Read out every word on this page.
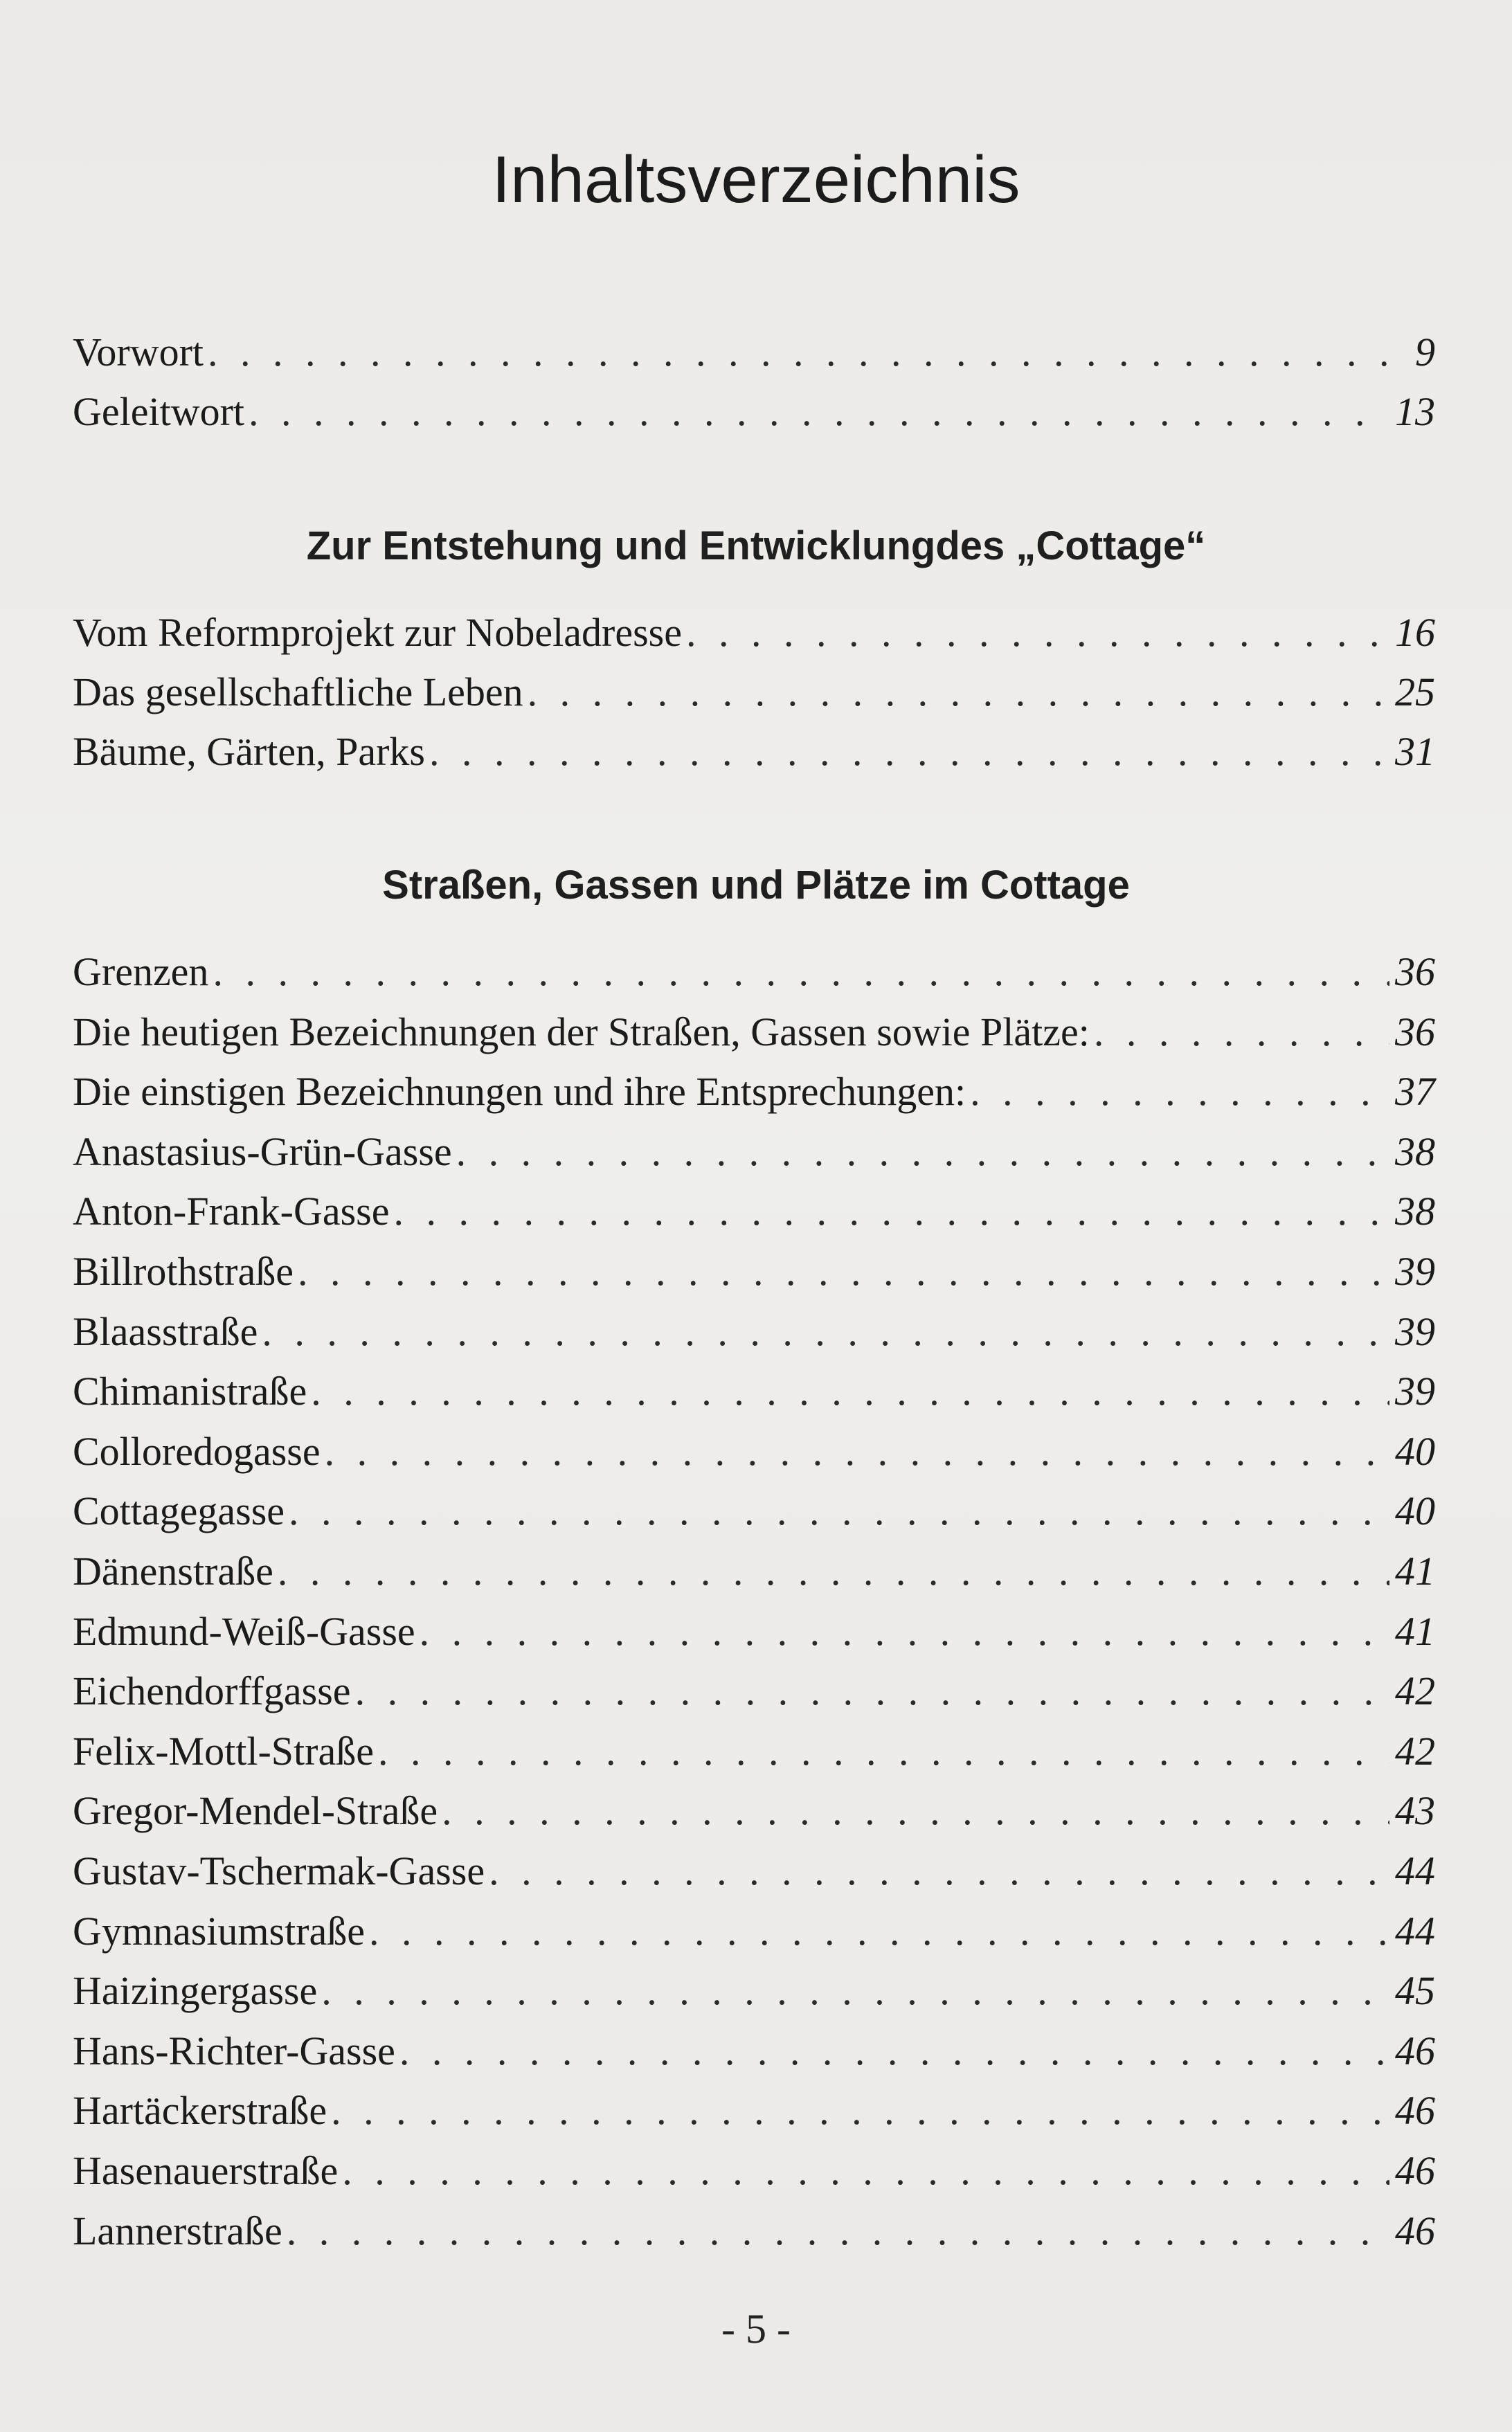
Inhaltsverzeichnis
Vorwort . . .	9
Geleitwort . . .	13
Zur Entstehung und Entwicklungdes „Cottage“
Vom Reformprojekt zur Nobeladresse . . .	16
Das gesellschaftliche Leben . . .	25
Bäume, Gärten, Parks . . .	31
Straßen, Gassen und Plätze im Cottage
Grenzen . . .	36
Die heutigen Bezeichnungen der Straßen, Gassen sowie Plätze: . . .	36
Die einstigen Bezeichnungen und ihre Entsprechungen: . . .	37
Anastasius-Grün-Gasse . . .	38
Anton-Frank-Gasse . . .	38
Billrothstraße . . .	39
Blaasstraße . . .	39
Chimanistraße . . .	39
Colloredogasse . . .	40
Cottagegasse . . .	40
Dänenstraße . . .	41
Edmund-Weiß-Gasse . . .	41
Eichendorffgasse . . .	42
Felix-Mottl-Straße . . .	42
Gregor-Mendel-Straße . . .	43
Gustav-Tschermak-Gasse . . .	44
Gymnasiumstraße . . .	44
Haizingergasse . . .	45
Hans-Richter-Gasse . . .	46
Hartäckerstraße . . .	46
Hasenauerstraße . . .	46
Lannerstraße . . .	46
- 5 -
